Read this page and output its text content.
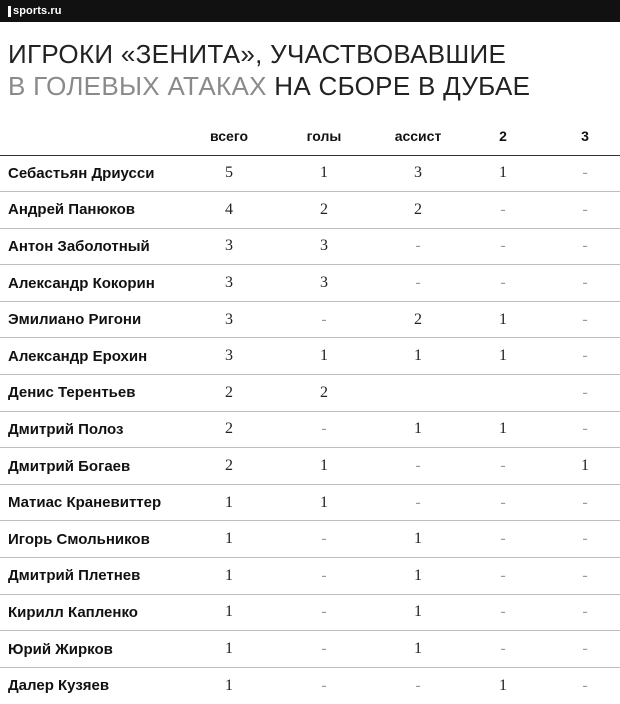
sports.ru
ИГРОКИ «ЗЕНИТА», УЧАСТВОВАВШИЕ
В ГОЛЕВЫХ АТАКАХ НА СБОРЕ В ДУБАЕ
	всего	голы	ассист	2	3
Себастьян Дриусси	5	1	3	1	-
Андрей Панюков	4	2	2	-	-
Антон Заболотный	3	3	-	-	-
Александр Кокорин	3	3	-	-	-
Эмилиано Ригони	3	-	2	1	-
Александр Ерохин	3	1	1	1	-
Денис Терентьев	2	2			-
Дмитрий Полоз	2	-	1	1	-
Дмитрий Богаев	2	1	-	-	1
Матиас Краневиттер	1	1	-	-	-
Игорь Смольников	1	-	1	-	-
Дмитрий Плетнев	1	-	1	-	-
Кирилл Капленко	1	-	1	-	-
Юрий Жирков	1	-	1	-	-
Далер Кузяев	1	-	-	1	-
